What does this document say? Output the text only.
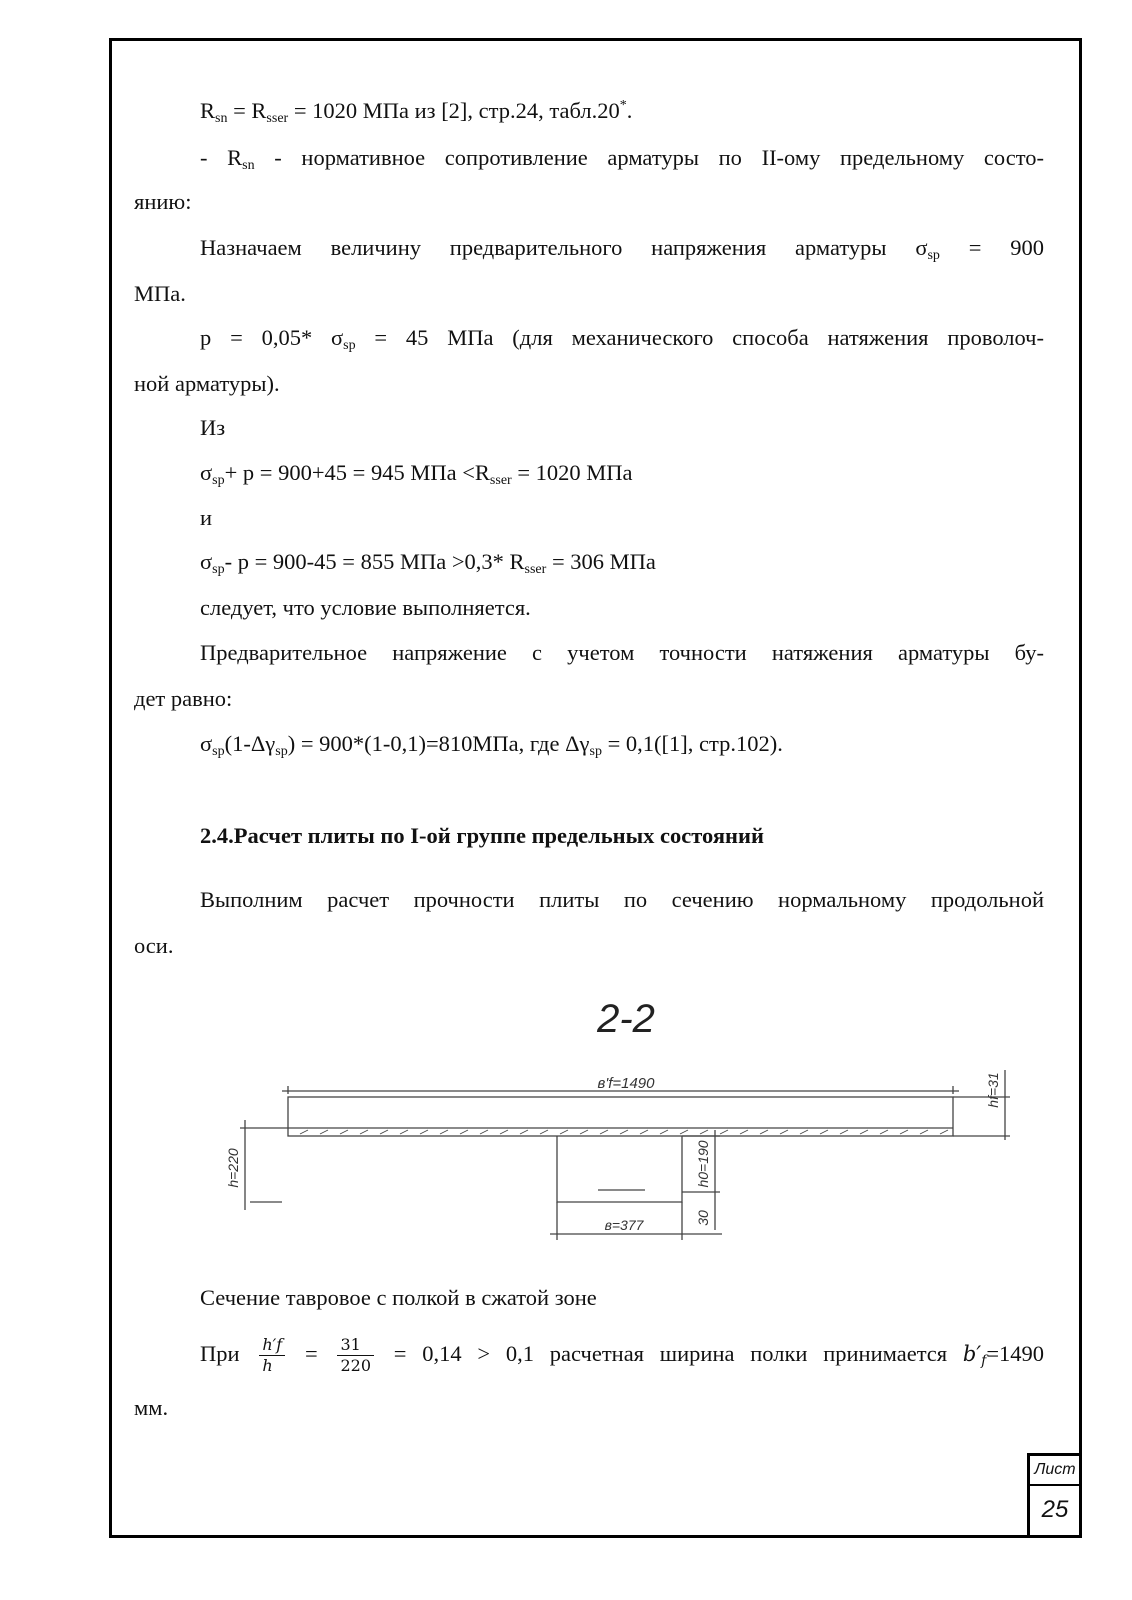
$R_{sn} = R_{sser} = 1020$ МПа из [2], стр.24, табл.20*.
- $R_{sn}$ - нормативное сопротивление арматуры по II-ому предельному состо-
янию:
Назначаем величину предварительного напряжения арматуры $\sigma_{sp} = 900$
МПа.
p = 0,05* $\sigma_{sp} = 45$ МПа (для механического способа натяжения проволоч-
ной арматуры).
Из
$\sigma_{sp}+ p = 900+45 = 945$ МПа $<R_{sser} = 1020$ МПа
и
$\sigma_{sp}-$ p = 900-45 = 855 МПа >0,3* $R_{sser} = 306$ МПа
следует, что условие выполняется.
Предварительное напряжение с учетом точности натяжения арматуры бу-
дет равно:
$\sigma_{sp}(1-\Delta\gamma_{sp}) = 900*(1-0,1)=810МПа$, где $\Delta\gamma_{sp} = 0,1([1]$, стр.102).
2.4.Расчет плиты по I-ой группе предельных состояний
Выполним расчет прочности плиты по сечению нормальному продольной
оси.
2-2
в'f=1490	hf=31
h=220	h0=190
в=377	30
Сечение тавровое с полкой в сжатой зоне
При $\frac{h'f}{h} = \frac{31}{220} = 0,14 > 0,1$ расчетная ширина полки принимается $b'_f=1490$
мм.
Лист
25
